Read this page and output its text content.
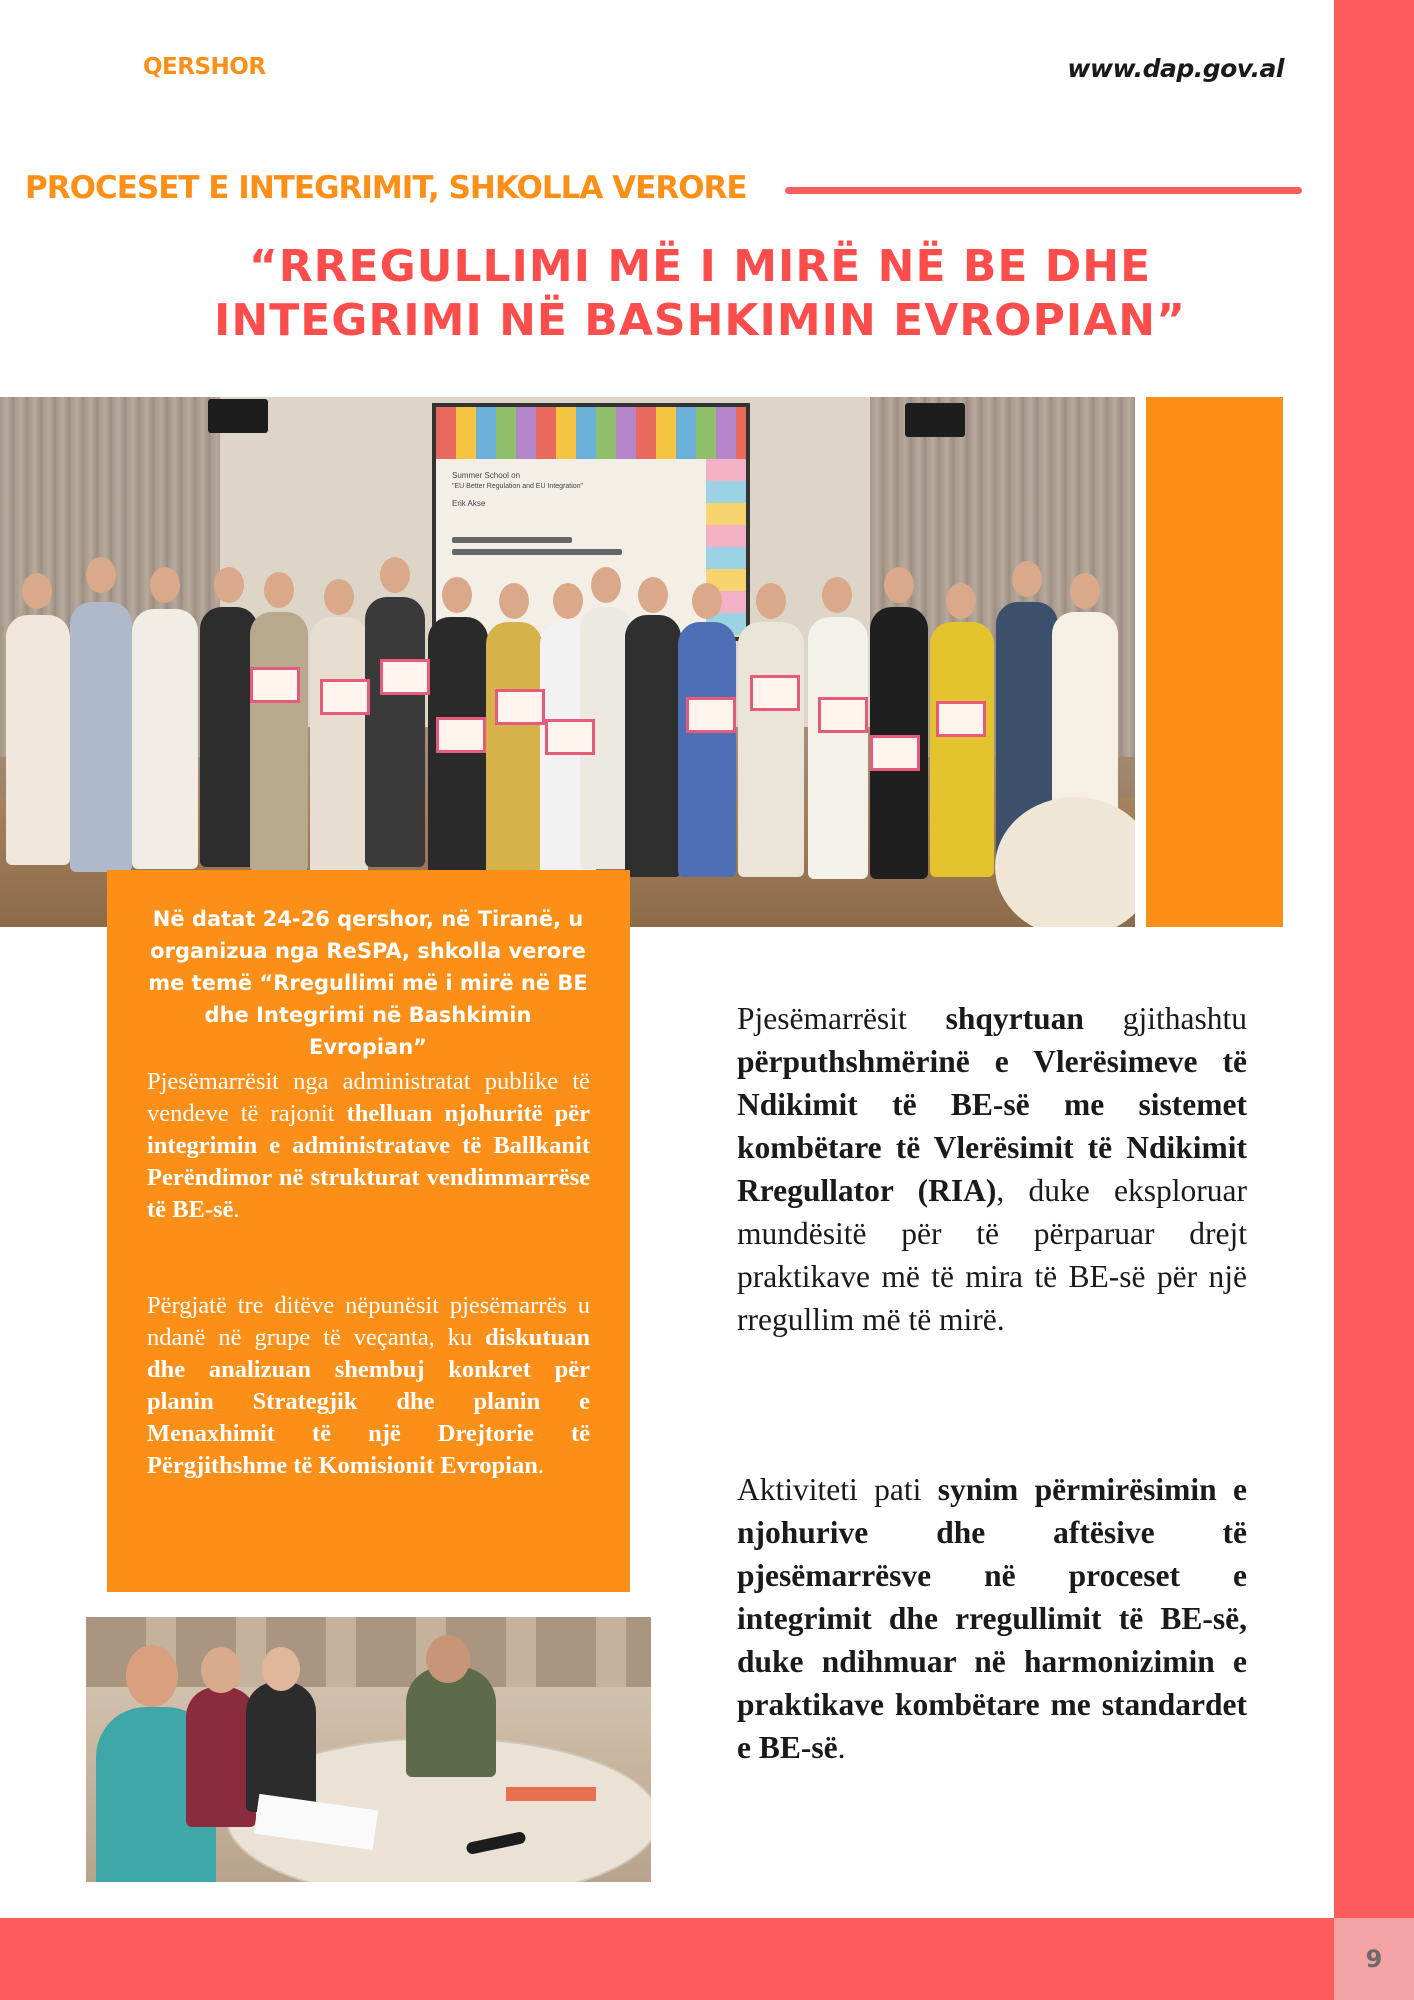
9
QERSHOR	www.dap.gov.al
PROCESET E INTEGRIMIT, SHKOLLA VERORE
“RREGULLIMI MË I MIRË NË BE DHE
INTEGRIMI NË BASHKIMIN EVROPIAN”
Summer School on
"EU Better Regulation and EU Integration"
Erik Akse
Në datat 24-26 qershor, në Tiranë, u organizua nga ReSPA, shkolla verore me temë “Rregullimi më i mirë në BE dhe Integrimi në Bashkimin Evropian”

Pjesëmarrësit nga administratat publike të vendeve të rajonit thelluan njohuritë për integrimin e administratave të Ballkanit Perëndimor në strukturat vendimmarrëse të BE-së.

Përgjatë tre ditëve nëpunësit pjesëmarrës u ndanë në grupe të veçanta, ku diskutuan dhe analizuan shembuj konkret për planin Strategjik dhe planin e Menaxhimit të një Drejtorie të Përgjithshme të Komisionit Evropian.

Pjesëmarrësit shqyrtuan gjithashtu përputhshmërinë e Vlerësimeve të Ndikimit të BE-së me sistemet kombëtare të Vlerësimit të Ndikimit Rregullator (RIA), duke eksploruar mundësitë për të përparuar drejt praktikave më të mira të BE-së për një rregullim më të mirë.

Aktiviteti pati synim përmirësimin e njohurive dhe aftësive të pjesëmarrësve në proceset e integrimit dhe rregullimit të BE-së, duke ndihmuar në harmonizimin e praktikave kombëtare me standardet e BE-së.
